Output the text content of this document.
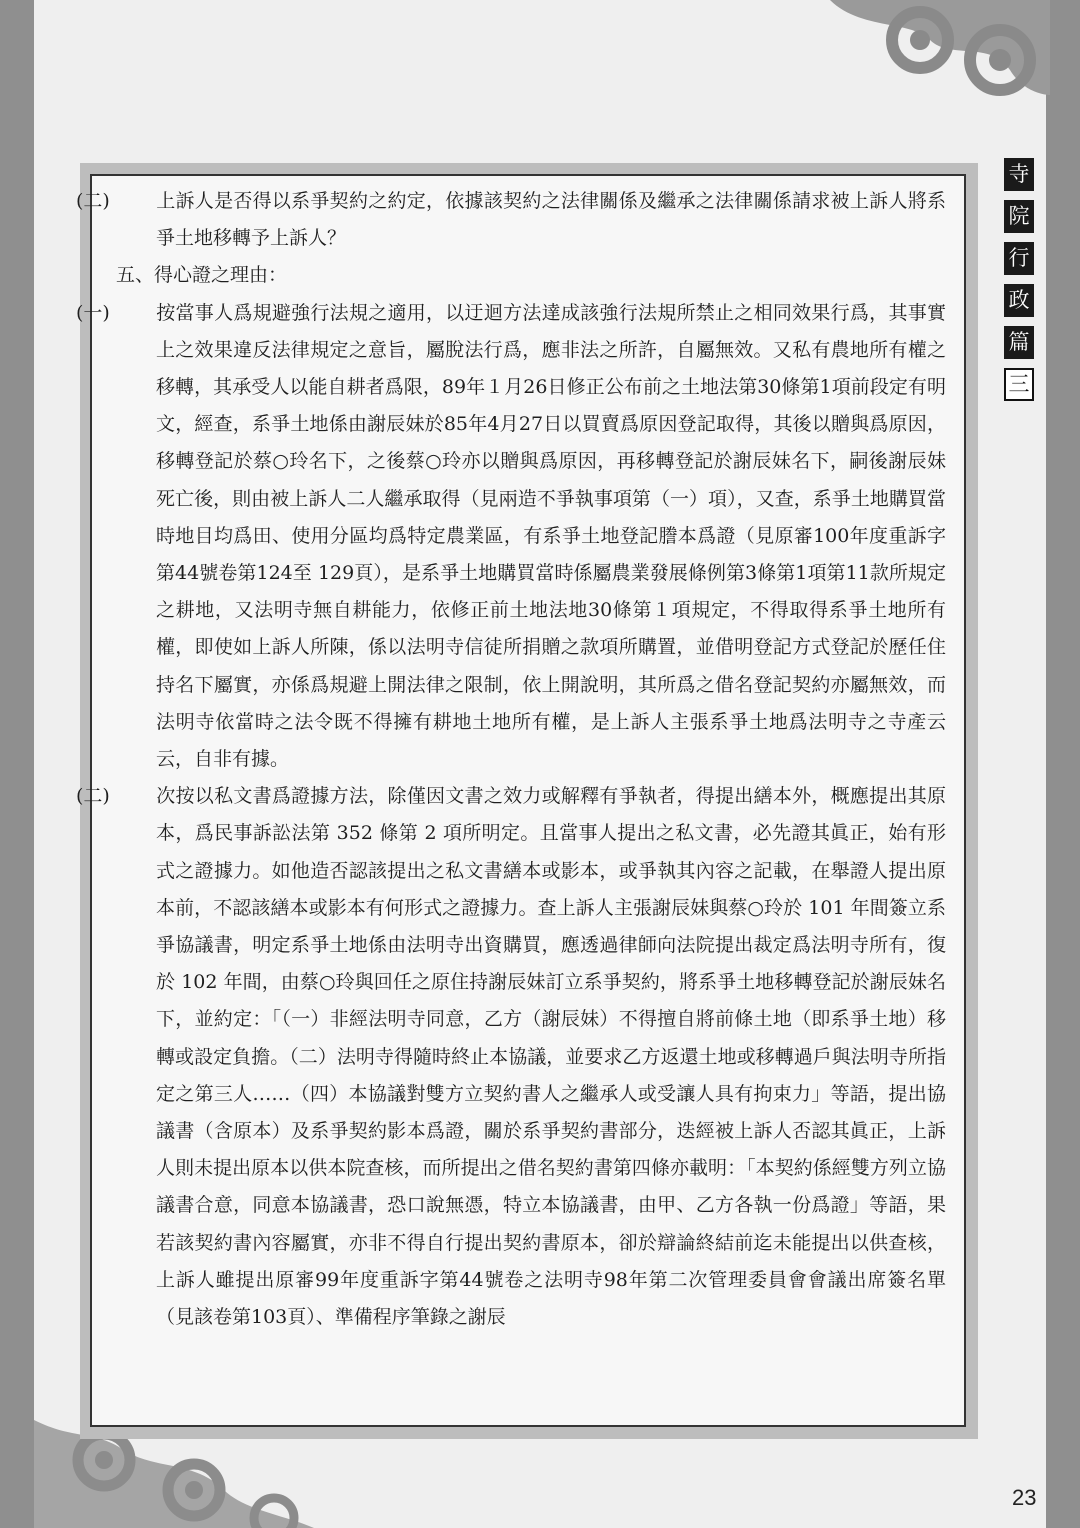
(二) 上訴人是否得以系爭契約之約定，依據該契約之法律關係及繼承之法律關係請求被上訴人將系爭土地移轉予上訴人？

五、得心證之理由：

(一) 按當事人爲規避強行法規之適用，以迂迴方法達成該強行法規所禁止之相同效果行爲，其事實上之效果違反法律規定之意旨，屬脫法行爲，應非法之所許，自屬無效。又私有農地所有權之移轉，其承受人以能自耕者爲限，89年１月26日修正公布前之土地法第30條第1項前段定有明文，經查，系爭土地係由謝辰妹於85年4月27日以買賣爲原因登記取得，其後以贈與爲原因，移轉登記於蔡○玲名下，之後蔡○玲亦以贈與爲原因，再移轉登記於謝辰妹名下，嗣後謝辰妹死亡後，則由被上訴人二人繼承取得（見兩造不爭執事項第（一）項），又查，系爭土地購買當時地目均爲田、使用分區均爲特定農業區，有系爭土地登記謄本爲證（見原審100年度重訴字第44號卷第124至 129頁），是系爭土地購買當時係屬農業發展條例第3條第1項第11款所規定之耕地，又法明寺無自耕能力，依修正前土地法地30條第１項規定，不得取得系爭土地所有權，即使如上訴人所陳，係以法明寺信徒所捐贈之款項所購置，並借明登記方式登記於歷任住持名下屬實，亦係爲規避上開法律之限制，依上開說明，其所爲之借名登記契約亦屬無效，而法明寺依當時之法令既不得擁有耕地土地所有權，是上訴人主張系爭土地爲法明寺之寺產云云，自非有據。

(二) 次按以私文書爲證據方法，除僅因文書之效力或解釋有爭執者，得提出繕本外，概應提出其原本，爲民事訴訟法第 352 條第 2 項所明定。且當事人提出之私文書，必先證其眞正，始有形式之證據力。如他造否認該提出之私文書繕本或影本，或爭執其內容之記載，在舉證人提出原本前，不認該繕本或影本有何形式之證據力。查上訴人主張謝辰妹與蔡○玲於 101 年間簽立系爭協議書，明定系爭土地係由法明寺出資購買，應透過律師向法院提出裁定爲法明寺所有，復於 102 年間，由蔡○玲與回任之原住持謝辰妹訂立系爭契約，將系爭土地移轉登記於謝辰妹名下，並約定：「（一）非經法明寺同意，乙方（謝辰妹）不得擅自將前條土地（即系爭土地）移轉或設定負擔。（二）法明寺得隨時終止本協議，並要求乙方返還土地或移轉過戶與法明寺所指定之第三人……（四）本協議對雙方立契約書人之繼承人或受讓人具有拘束力」等語，提出協議書（含原本）及系爭契約影本爲證，關於系爭契約書部分，迭經被上訴人否認其眞正，上訴人則未提出原本以供本院查核，而所提出之借名契約書第四條亦載明：「本契約係經雙方列立協議書合意，同意本協議書，恐口說無憑，特立本協議書，由甲、乙方各執一份爲證」等語，果若該契約書內容屬實，亦非不得自行提出契約書原本，卻於辯論終結前迄未能提出以供查核，上訴人雖提出原審99年度重訴字第44號卷之法明寺98年第二次管理委員會會議出席簽名單（見該卷第103頁）、準備程序筆錄之謝辰

寺
院
行
政
篇
三
23
